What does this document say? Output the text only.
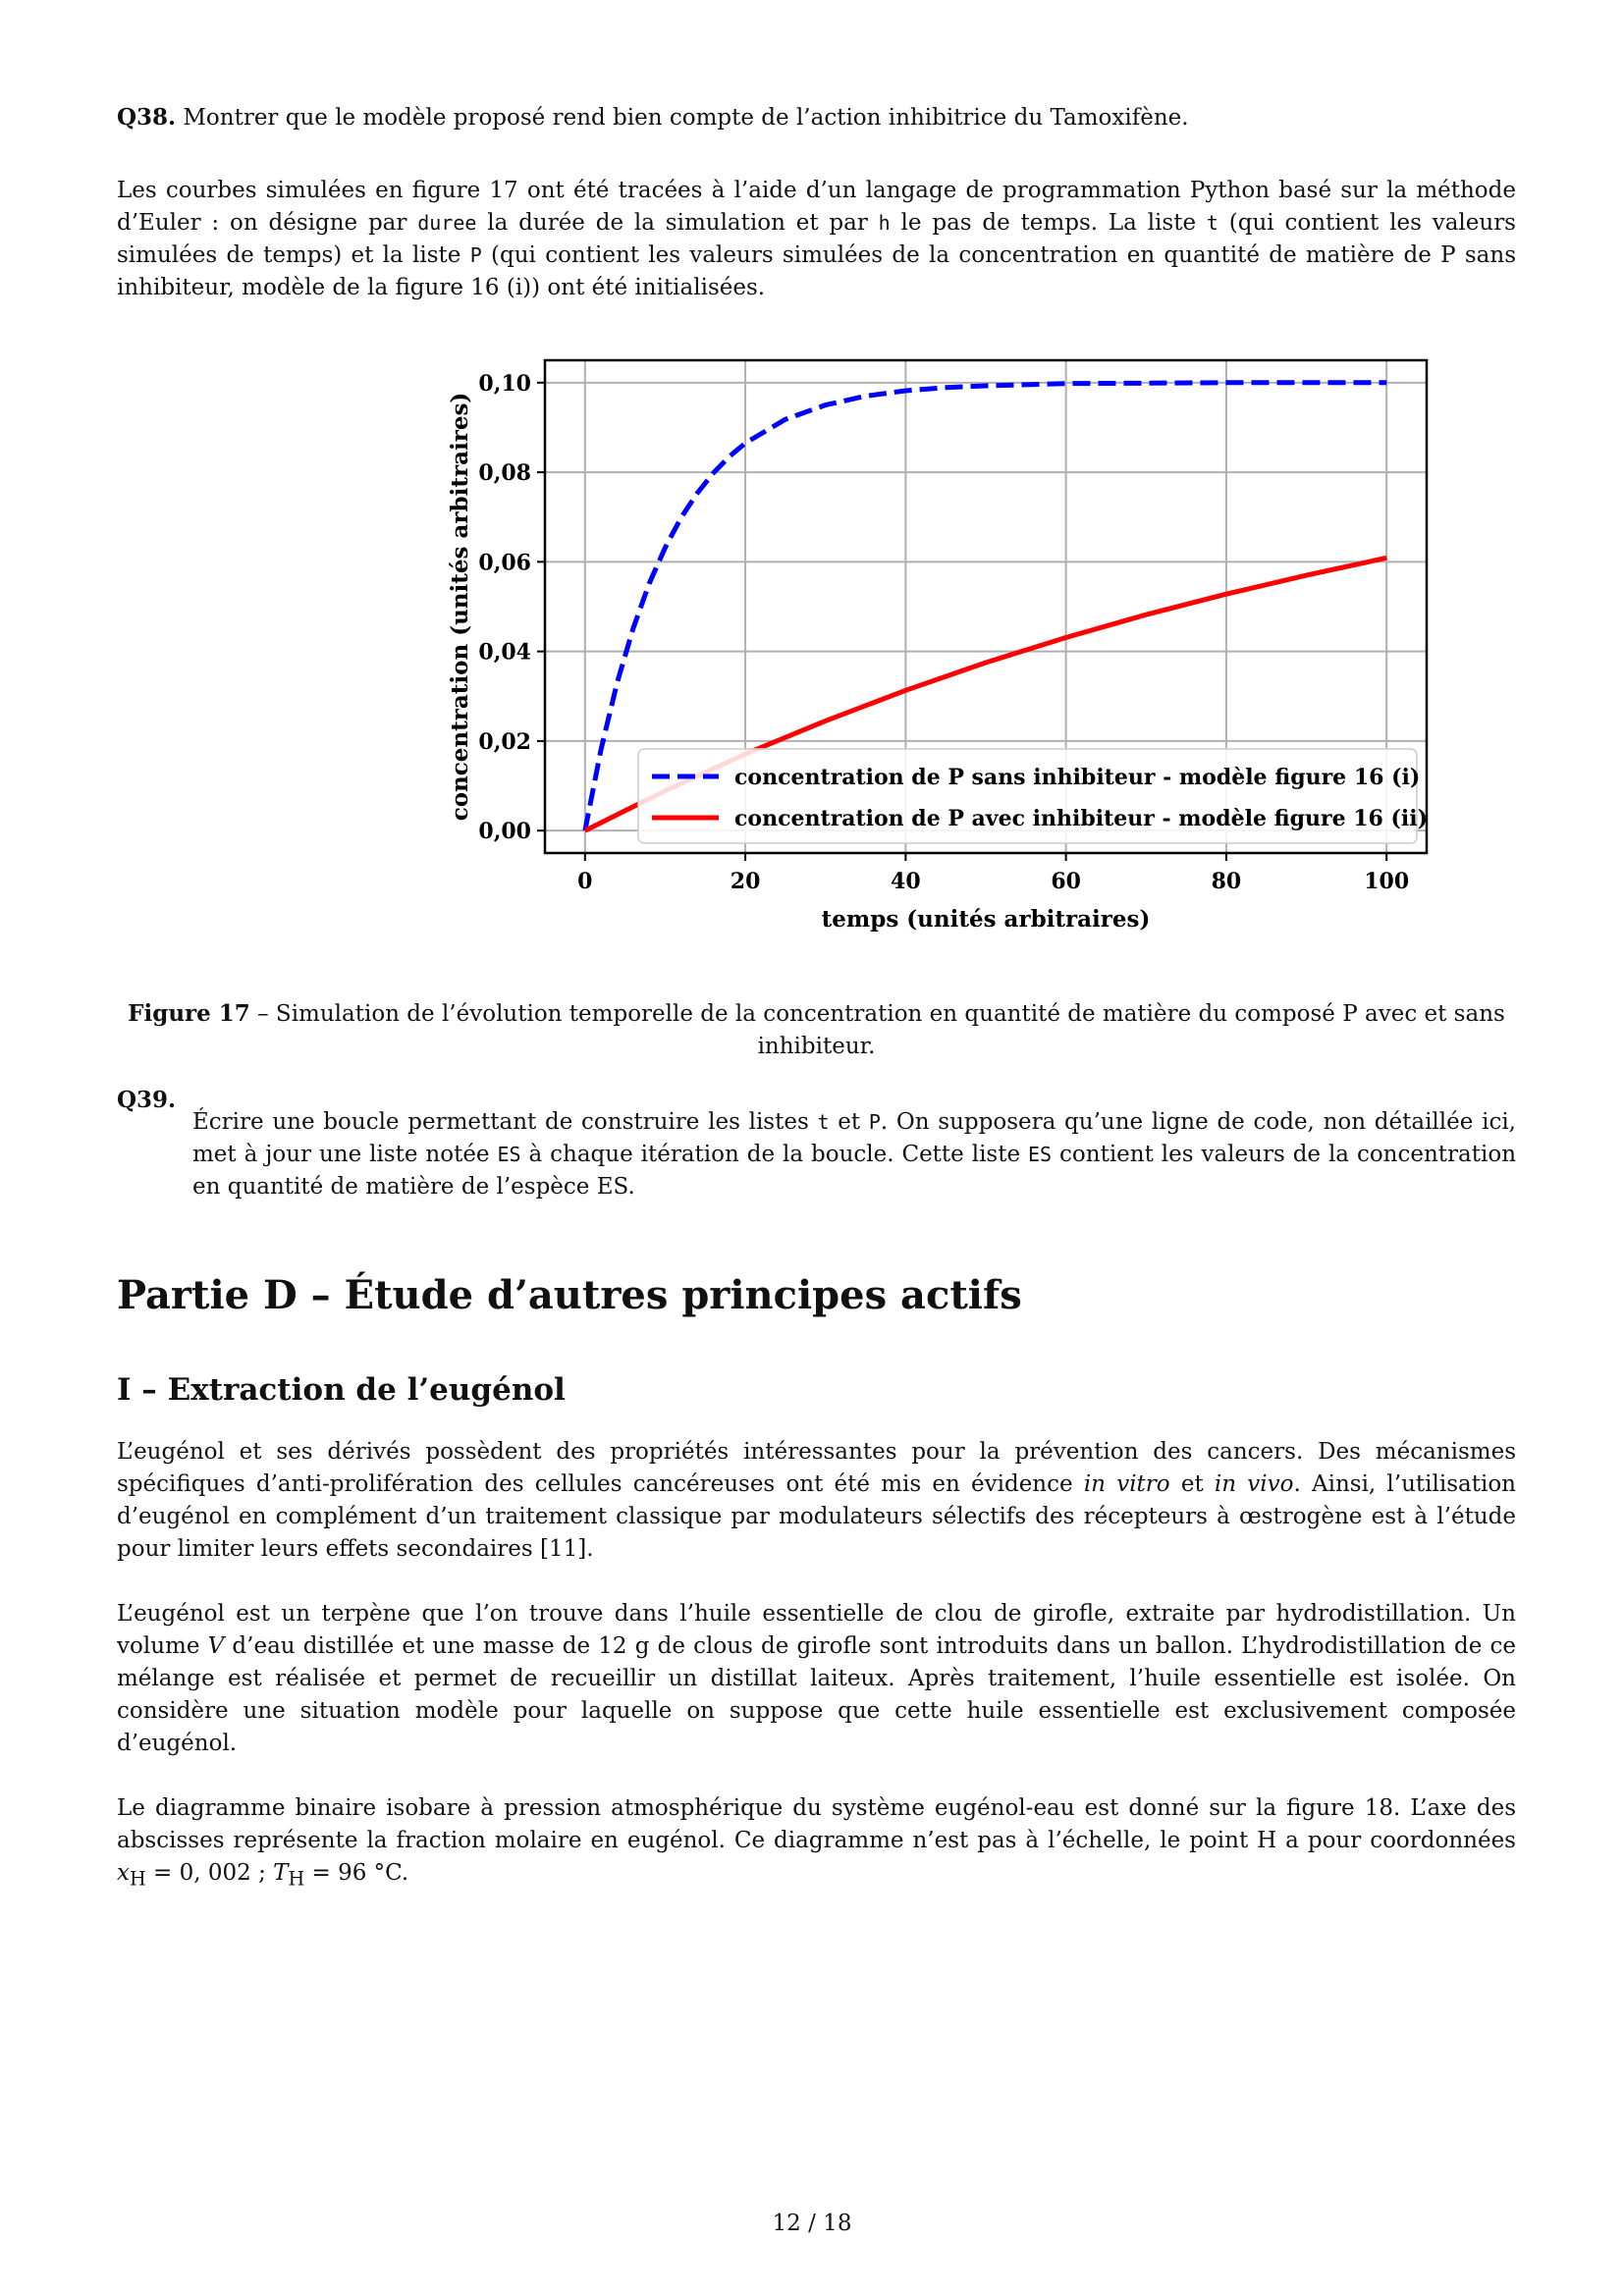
Q38. Montrer que le modèle proposé rend bien compte de l’action inhibitrice du Tamoxifène.

Les courbes simulées en figure 17 ont été tracées à l’aide d’un langage de programmation Python basé sur la méthode d’Euler : on désigne par duree la durée de la simulation et par h le pas de temps. La liste t (qui contient les valeurs simulées de temps) et la liste P (qui contient les valeurs simulées de la concentration en quantité de matière de P sans inhibiteur, modèle de la figure 16 (i)) ont été initialisées.

0	20	40	60	80	100
0,00
0,02
0,04
0,06
0,08
0,10
temps (unités arbitraires)
concentration (unités arbitraires)	concentration de P sans inhibiteur - modèle figure 16 (i)
concentration de P avec inhibiteur - modèle figure 16 (ii)

Figure 17 – Simulation de l’évolution temporelle de la concentration en quantité de matière du composé P avec et sans inhibiteur.

Q39.

Écrire une boucle permettant de construire les listes t et P. On supposera qu’une ligne de code, non détaillée ici, met à jour une liste notée ES à chaque itération de la boucle. Cette liste ES contient les valeurs de la concentration en quantité de matière de l’espèce ES.

Partie D – Étude d’autres principes actifs
I – Extraction de l’eugénol

L’eugénol et ses dérivés possèdent des propriétés intéressantes pour la prévention des cancers. Des mécanismes spécifiques d’anti-prolifération des cellules cancéreuses ont été mis en évidence in vitro et in vivo. Ainsi, l’utilisation d’eugénol en complément d’un traitement classique par modulateurs sélectifs des récepteurs à œstrogène est à l’étude pour limiter leurs effets secondaires [11].

L’eugénol est un terpène que l’on trouve dans l’huile essentielle de clou de girofle, extraite par hydrodistillation. Un volume V d’eau distillée et une masse de 12 g de clous de girofle sont introduits dans un ballon. L’hydrodistillation de ce mélange est réalisée et permet de recueillir un distillat laiteux. Après traitement, l’huile essentielle est isolée. On considère une situation modèle pour laquelle on suppose que cette huile essentielle est exclusivement composée d’eugénol.

Le diagramme binaire isobare à pression atmosphérique du système eugénol-eau est donné sur la figure 18. L’axe des abscisses représente la fraction molaire en eugénol. Ce diagramme n’est pas à l’échelle, le point H a pour coordonnées $x_H = 0$, 002 ; $T_H = 96$ °C.

12 / 18
